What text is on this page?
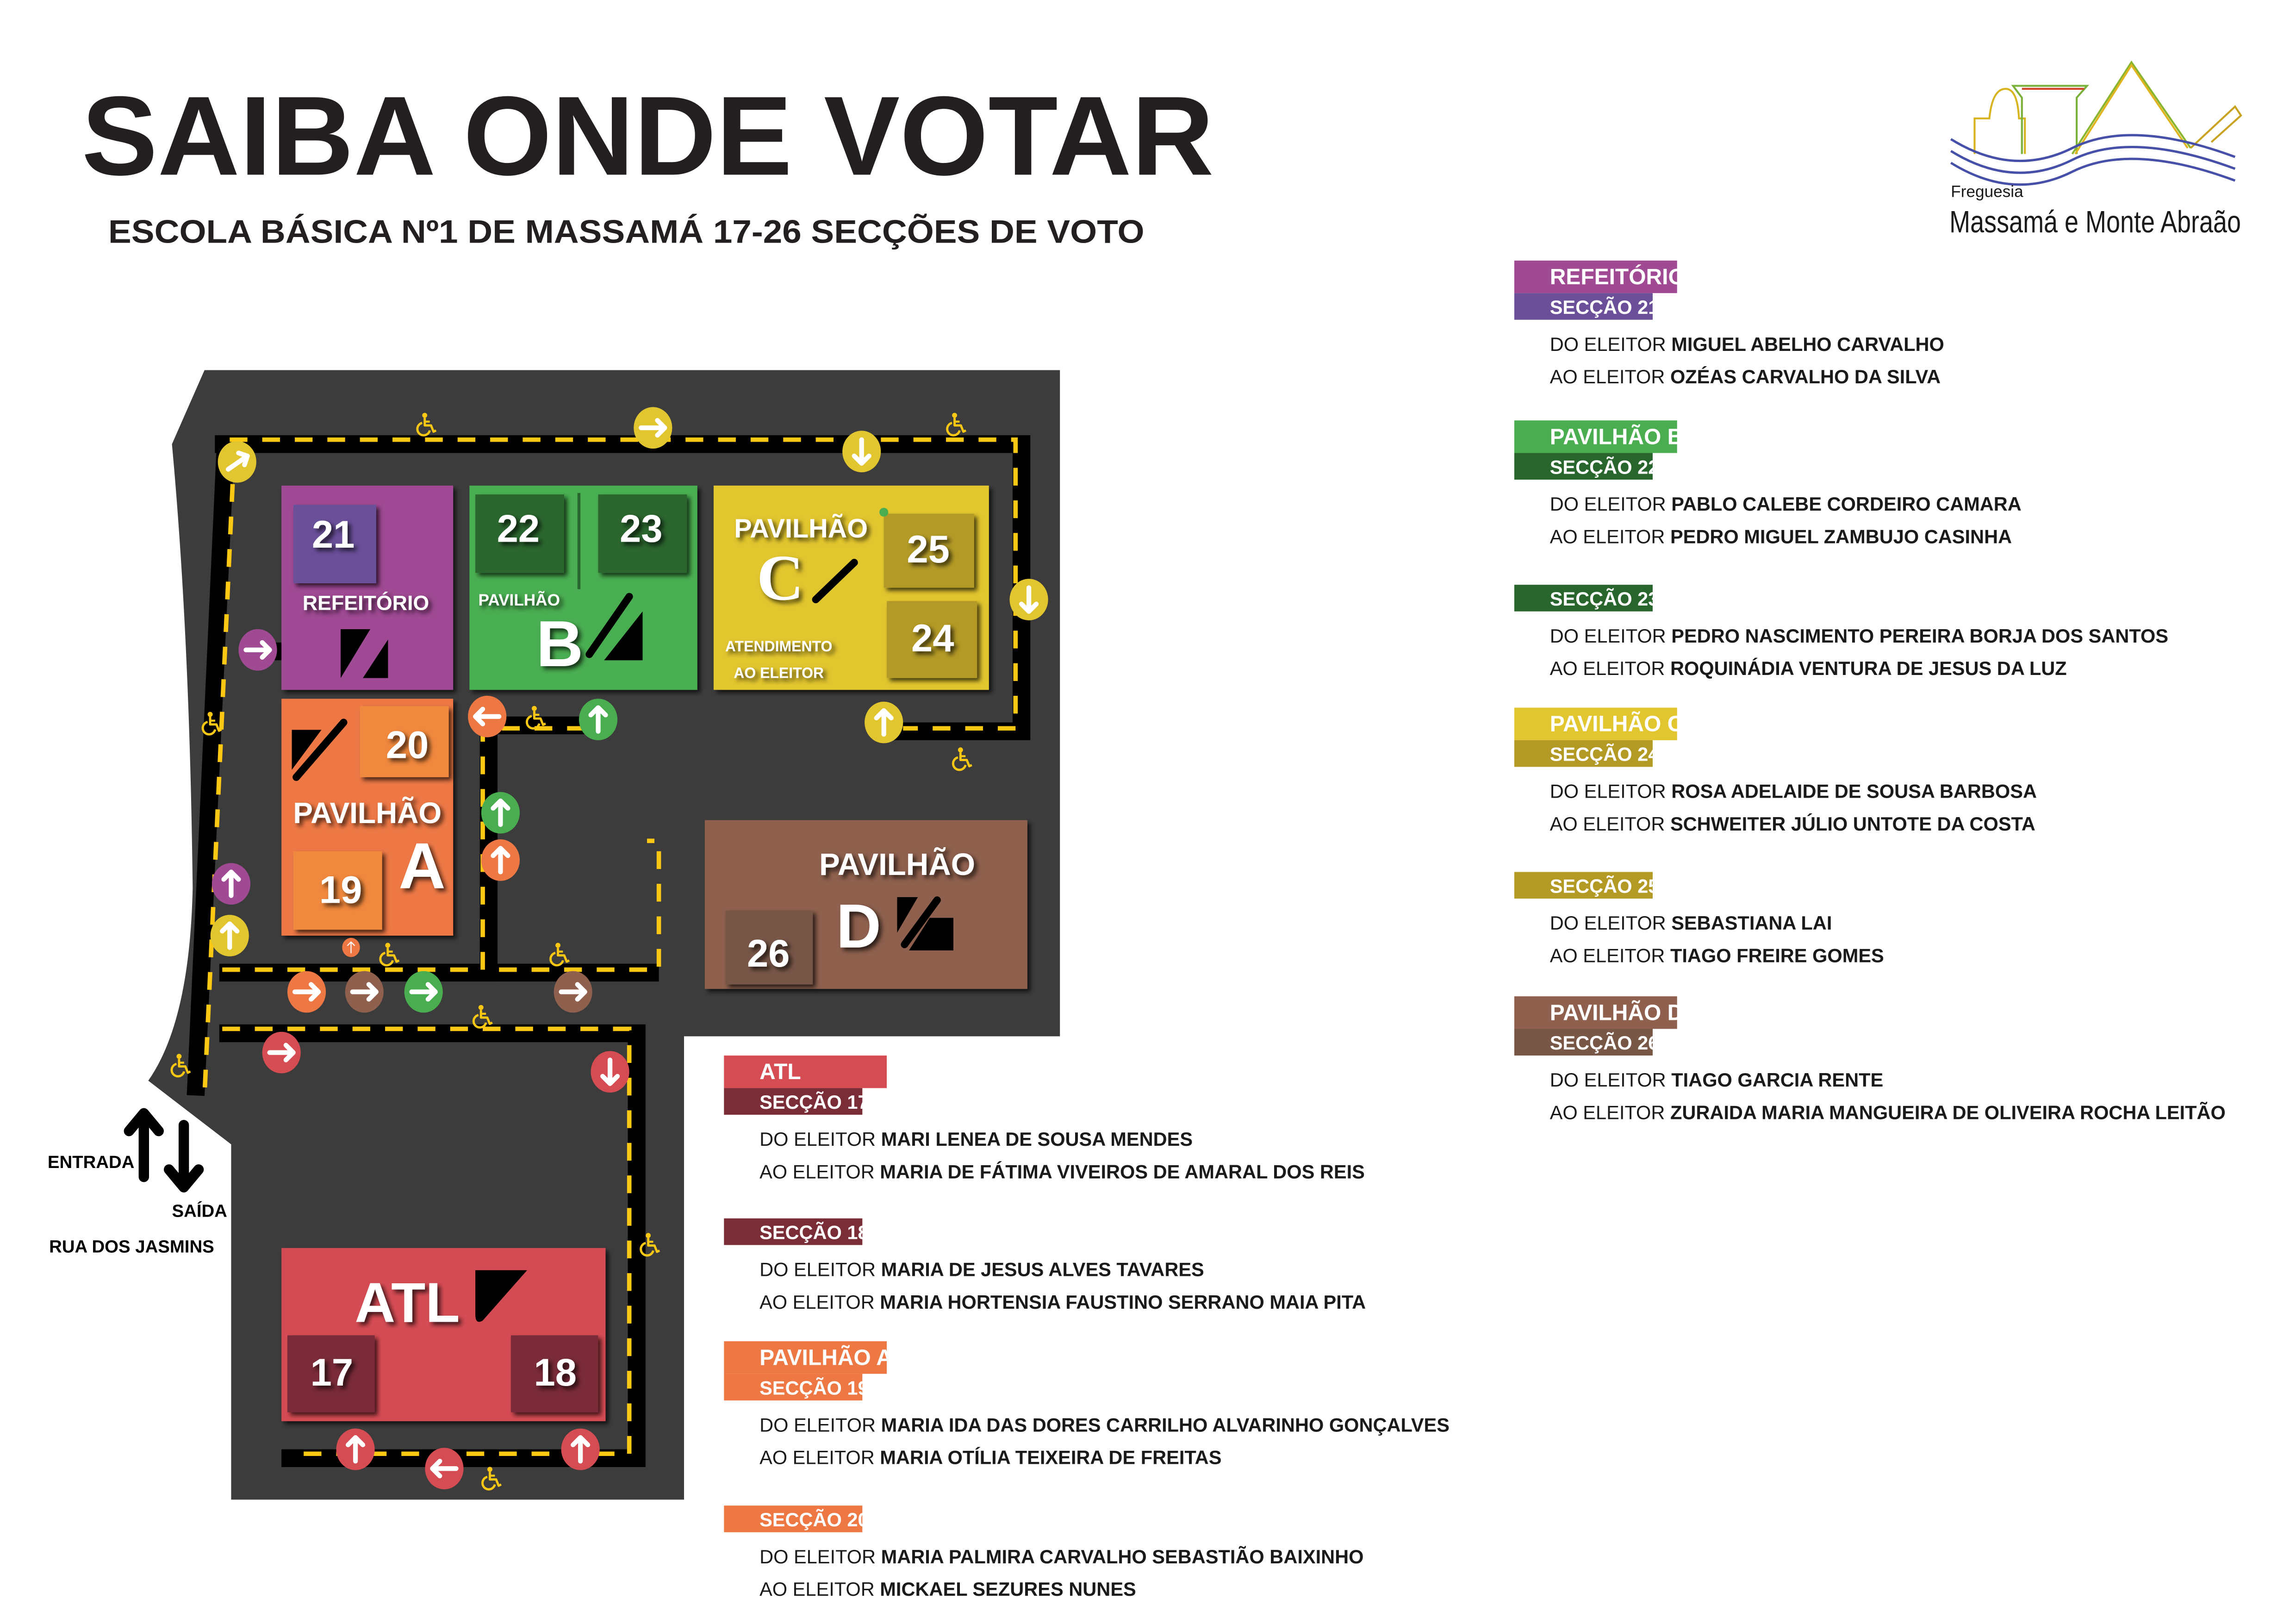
SAIBA ONDE VOTAR
ESCOLA BÁSICA Nº1 DE MASSAMÁ 17-26 SECÇÕES DE VOTO
Freguesia
Massamá e Monte Abraão
21
REFEITÓRIO
22	23
PAVILHÃO
B
PAVILHÃO
C	25
24
ATENDIMENTO
AO ELEITOR
20
PAVILHÃO
19 A	PAVILHÃO
D
26
ATL
17	18
ENTRADA
SAÍDA
RUA DOS JASMINS
REFEITÓRIO
SECÇÃO 21
DO ELEITOR MIGUEL ABELHO CARVALHO
AO ELEITOR OZÉAS CARVALHO DA SILVA
PAVILHÃO B
SECÇÃO 22
DO ELEITOR PABLO CALEBE CORDEIRO CAMARA
AO ELEITOR PEDRO MIGUEL ZAMBUJO CASINHA
SECÇÃO 23
DO ELEITOR PEDRO NASCIMENTO PEREIRA BORJA DOS SANTOS
AO ELEITOR ROQUINÁDIA VENTURA DE JESUS DA LUZ
PAVILHÃO C
SECÇÃO 24
DO ELEITOR ROSA ADELAIDE DE SOUSA BARBOSA
AO ELEITOR SCHWEITER JÚLIO UNTOTE DA COSTA
SECÇÃO 25
DO ELEITOR SEBASTIANA LAI
AO ELEITOR TIAGO FREIRE GOMES
PAVILHÃO D
SECÇÃO 26 CN
DO ELEITOR TIAGO GARCIA RENTE
AO ELEITOR ZURAIDA MARIA MANGUEIRA DE OLIVEIRA ROCHA LEITÃO
ATL
SECÇÃO 17
DO ELEITOR MARI LENEA DE SOUSA MENDES
AO ELEITOR MARIA DE FÁTIMA VIVEIROS DE AMARAL DOS REIS
SECÇÃO 18
DO ELEITOR MARIA DE JESUS ALVES TAVARES
AO ELEITOR MARIA HORTENSIA FAUSTINO SERRANO MAIA PITA
PAVILHÃO A
SECÇÃO 19
DO ELEITOR MARIA IDA DAS DORES CARRILHO ALVARINHO GONÇALVES
AO ELEITOR MARIA OTÍLIA TEIXEIRA DE FREITAS
SECÇÃO 20
DO ELEITOR MARIA PALMIRA CARVALHO SEBASTIÃO BAIXINHO
AO ELEITOR MICKAEL SEZURES NUNES
